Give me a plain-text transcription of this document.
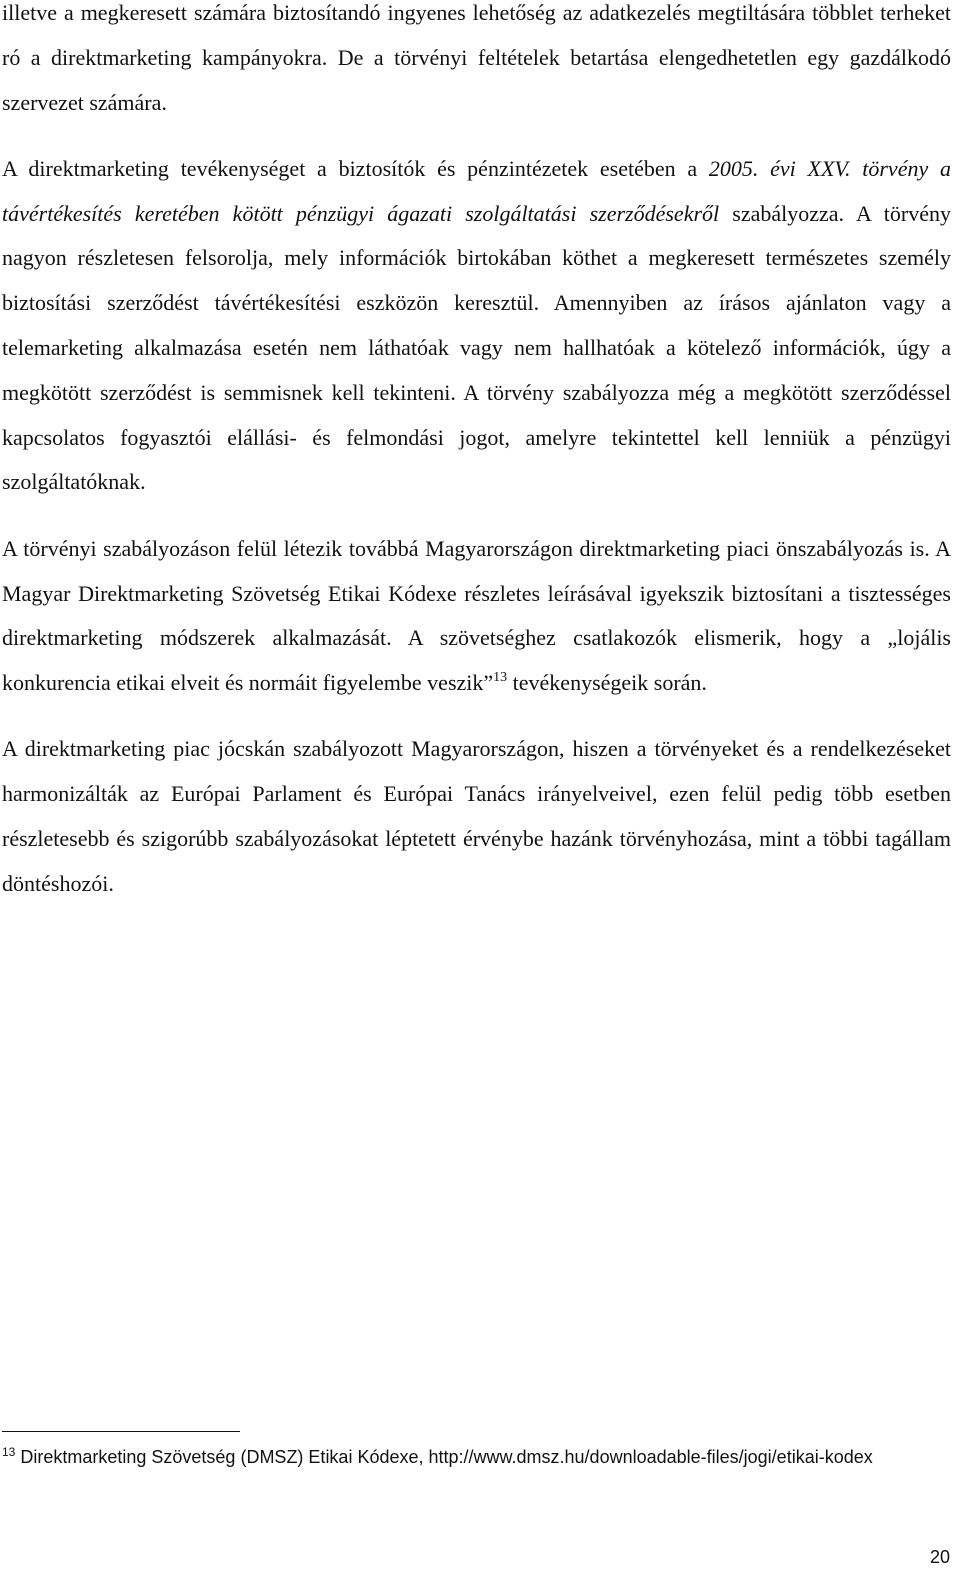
illetve a megkeresett számára biztosítandó ingyenes lehetőség az adatkezelés megtiltására többlet terheket ró a direktmarketing kampányokra. De a törvényi feltételek betartása elengedhetetlen egy gazdálkodó szervezet számára.

A direktmarketing tevékenységet a biztosítók és pénzintézetek esetében a 2005. évi XXV. törvény a távértékesítés keretében kötött pénzügyi ágazati szolgáltatási szerződésekről szabályozza. A törvény nagyon részletesen felsorolja, mely információk birtokában köthet a megkeresett természetes személy biztosítási szerződést távértékesítési eszközön keresztül. Amennyiben az írásos ajánlaton vagy a telemarketing alkalmazása esetén nem láthatóak vagy nem hallhatóak a kötelező információk, úgy a megkötött szerződést is semmisnek kell tekinteni. A törvény szabályozza még a megkötött szerződéssel kapcsolatos fogyasztói elállási- és felmondási jogot, amelyre tekintettel kell lenniük a pénzügyi szolgáltatóknak.

A törvényi szabályozáson felül létezik továbbá Magyarországon direktmarketing piaci önszabályozás is. A Magyar Direktmarketing Szövetség Etikai Kódexe részletes leírásával igyekszik biztosítani a tisztességes direktmarketing módszerek alkalmazását. A szövetséghez csatlakozók elismerik, hogy a „lojális konkurencia etikai elveit és normáit figyelembe veszik”$^{13}$ tevékenységeik során.

A direktmarketing piac jócskán szabályozott Magyarországon, hiszen a törvényeket és a rendelkezéseket harmonizálták az Európai Parlament és Európai Tanács irányelveivel, ezen felül pedig több esetben részletesebb és szigorúbb szabályozásokat léptetett érvénybe hazánk törvényhozása, mint a többi tagállam döntéshozói.

$^{13}$ Direktmarketing Szövetség (DMSZ) Etikai Kódexe, http://www.dmsz.hu/downloadable-files/jogi/etikai-kodex
20
